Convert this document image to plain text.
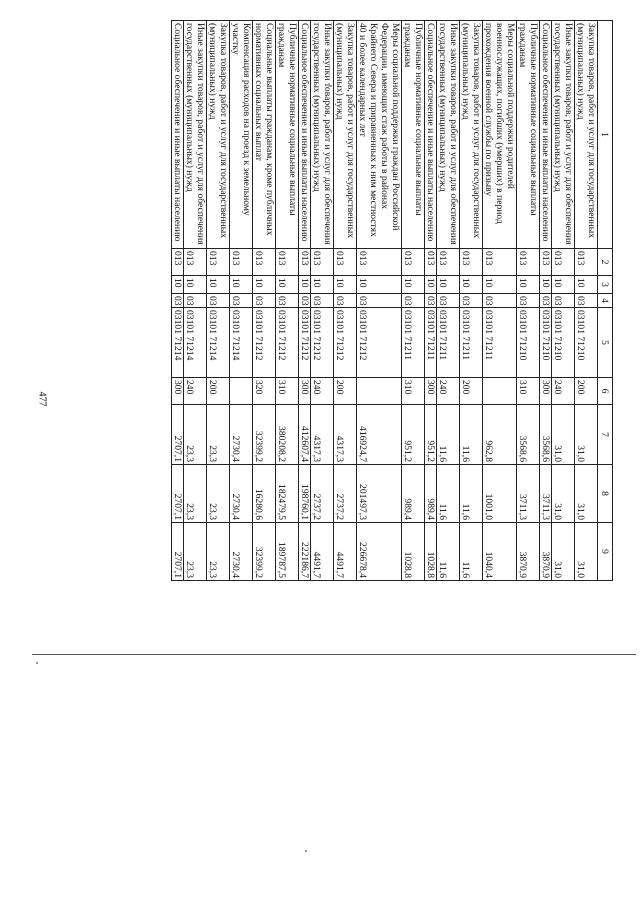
1	2	3	4	5	6	7	8	9
Закупка товаров, работ и услуг для государственных (муниципальных) нужд	013	10	03	03101 71210	200	31,0	31,0	31,0
Иные закупки товаров, работ и услуг для обеспечения государственных (муниципальных) нужд	013	10	03	03101 71210	240	31,0	31,0	31,0
Социальное обеспечение и иные выплаты населению	013	10	03	03101 71210	300	3568,6	3711,3	3870,9
Публичные нормативные социальные выплаты гражданам	013	10	03	03101 71210	310	3568,6	3711,3	3870,9
Меры социальной поддержки родителей военнослужащих, погибших (умерших) в период прохождения военной службы по призыву	013	10	03	03101 71211		962,8	1001,0	1040,4
Закупка товаров, работ и услуг для государственных (муниципальных) нужд	013	10	03	03101 71211	200	11,6	11,6	11,6
Иные закупки товаров, работ и услуг для обеспечения государственных (муниципальных) нужд	013	10	03	03101 71211	240	11,6	11,6	11,6
Социальное обеспечение и иные выплаты населению	013	10	03	03101 71211	300	951,2	989,4	1028,8
Публичные нормативные социальные выплаты гражданам	013	10	03	03101 71211	310	951,2	989,4	1028,8
Меры социальной поддержки граждан Российской Федерации, имеющих стаж работы в районах Крайнего Севера и приравненных к ним местностях 40 и более календарных лет	013	10	03	03101 71212		416924,7	201497,3	226678,4
Закупка товаров, работ и услуг для государственных (муниципальных) нужд	013	10	03	03101 71212	200	4317,3	2737,2	4491,7
Иные закупки товаров, работ и услуг для обеспечения государственных (муниципальных) нужд	013	10	03	03101 71212	240	4317,3	2737,2	4491,7
Социальное обеспечение и иные выплаты населению	013	10	03	03101 71212	300	412607,4	198760,1	222186,7
Публичные нормативные социальные выплаты гражданам	013	10	03	03101 71212	310	380208,2	182479,5	189787,5
Социальные выплаты гражданам, кроме публичных нормативных социальных выплат	013	10	03	03101 71212	320	32399,2	16280,6	32399,2
Компенсация расходов на проезд к земельному участку	013	10	03	03101 71214		2730,4	2730,4	2730,4
Закупка товаров, работ и услуг для государственных (муниципальных) нужд	013	10	03	03101 71214	200	23,3	23,3	23,3
Иные закупки товаров, работ и услуг для обеспечения государственных (муниципальных) нужд	013	10	03	03101 71214	240	23,3	23,3	23,3
Социальное обеспечение и иные выплаты населению	013	10	03	03101 71214	300	2707,1	2707,1	2707,1
477
